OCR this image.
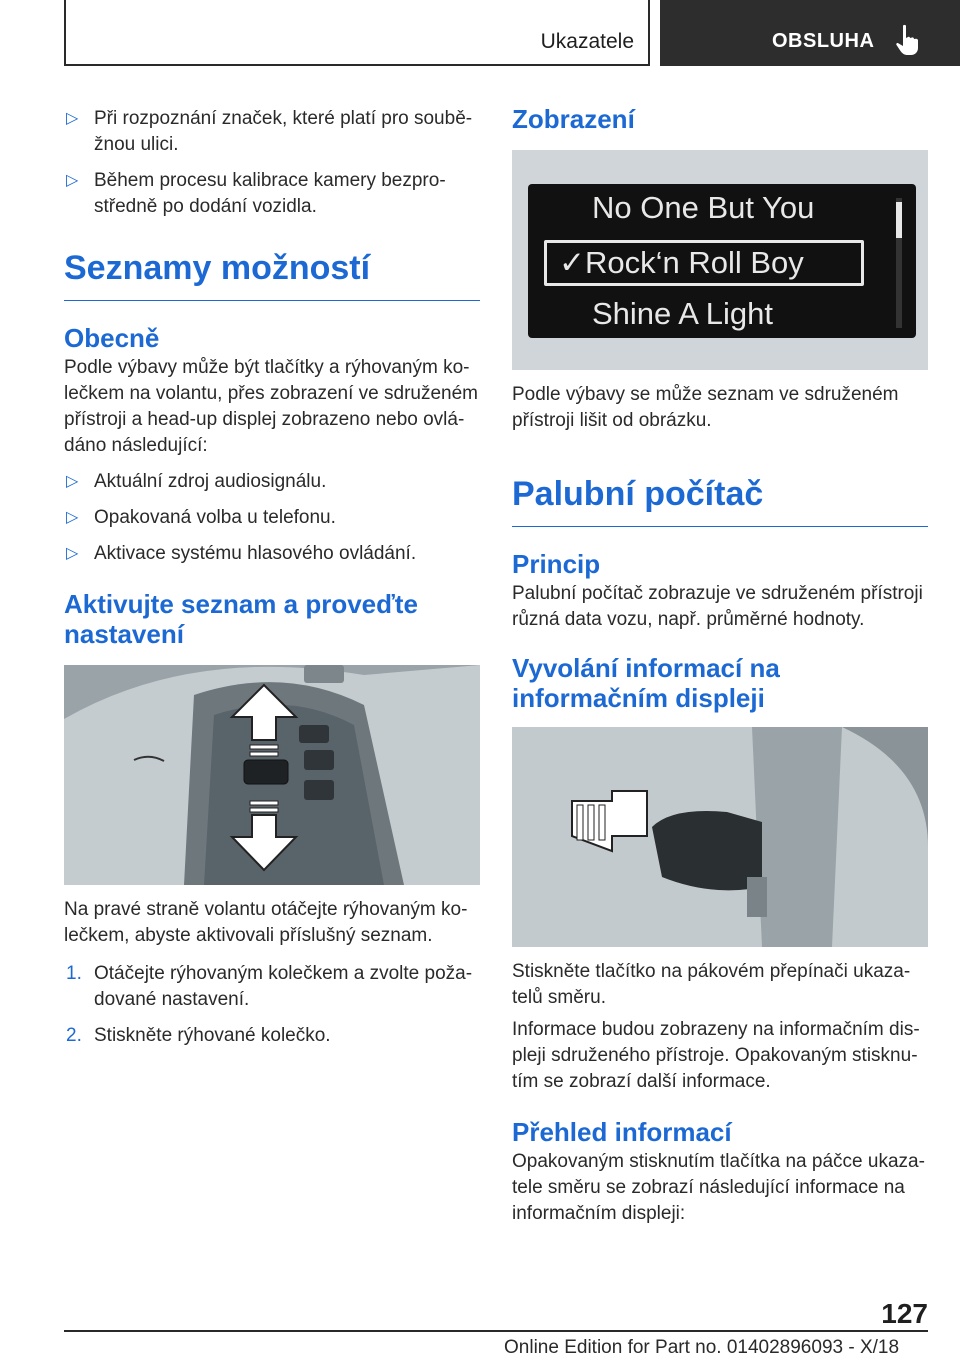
Ukazatele	OBSLUHA
▷ Při rozpoznání značek, které platí pro souběžnou ulici.
▷ Během procesu kalibrace kamery bezprostředně po dodání vozidla.
Seznamy možností
Obecně

Podle výbavy může být tlačítky a rýhovaným kolečkem na volantu, přes zobrazení ve sdruženém přístroji a head-up displej zobrazeno nebo ovládáno následující:

▷ Aktuální zdroj audiosignálu.
▷ Opakovaná volba u telefonu.
▷ Aktivace systému hlasového ovládání.
Aktivujte seznam a proveďte nastavení

Na pravé straně volantu otáčejte rýhovaným kolečkem, abyste aktivovali příslušný seznam.

1. Otáčejte rýhovaným kolečkem a zvolte požadované nastavení.
2. Stiskněte rýhované kolečko.
Zobrazení
No One But You
✓Rock‘n Roll Boy
Shine A Light

Podle výbavy se může seznam ve sdruženém přístroji lišit od obrázku.

Palubní počítač
Princip

Palubní počítač zobrazuje ve sdruženém přístroji různá data vozu, např. průměrné hodnoty.

Vyvolání informací na informačním displeji

Stiskněte tlačítko na pákovém přepínači ukazatelů směru.

Informace budou zobrazeny na informačním displeji sdruženého přístroje. Opakovaným stisknutím se zobrazí další informace.

Přehled informací

Opakovaným stisknutím tlačítka na páčce ukazatele směru se zobrazí následující informace na informačním displeji:

127
Online Edition for Part no. 01402896093 - X/18
